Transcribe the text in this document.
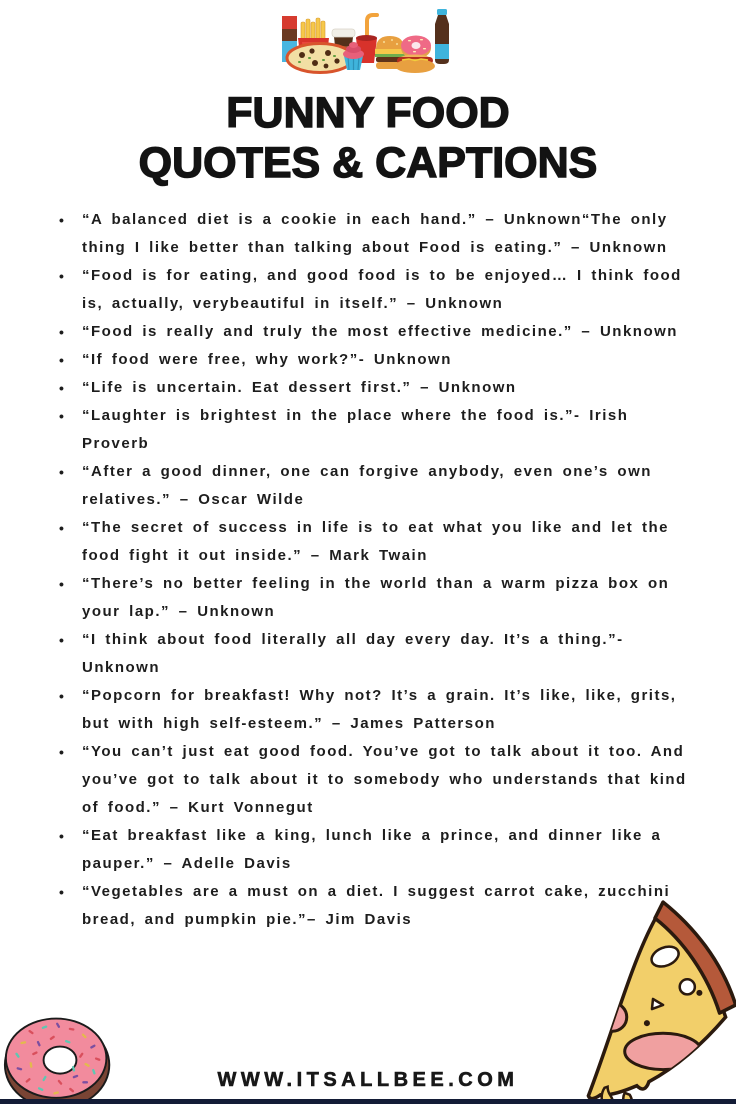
FUNNY FOOD
QUOTES & CAPTIONS
• “A balanced diet is a cookie in each hand.” – Unknown“The only thing I like better than talking about Food is eating.” – Unknown
• “Food is for eating, and good food is to be enjoyed… I think food is, actually, verybeautiful in itself.” – Unknown
• “Food is really and truly the most effective medicine.” – Unknown
• “If food were free, why work?”- Unknown
• “Life is uncertain. Eat dessert first.” – Unknown
• “Laughter is brightest in the place where the food is.”- Irish Proverb
• “After a good dinner, one can forgive anybody, even one’s own relatives.” – Oscar Wilde
• “The secret of success in life is to eat what you like and let the food fight it out inside.” – Mark Twain
• “There’s no better feeling in the world than a warm pizza box on your lap.” – Unknown
• “I think about food literally all day every day. It’s a thing.”- Unknown
• “Popcorn for breakfast! Why not? It’s a grain. It’s like, like, grits, but with high self-esteem.” – James Patterson
• “You can’t just eat good food. You’ve got to talk about it too. And you’ve got to talk about it to somebody who understands that kind of food.” – Kurt Vonnegut
• “Eat breakfast like a king, lunch like a prince, and dinner like a pauper.” – Adelle Davis
• “Vegetables are a must on a diet. I suggest carrot cake, zucchini bread, and pumpkin pie.”– Jim Davis
WWW.ITSALLBEE.COM
